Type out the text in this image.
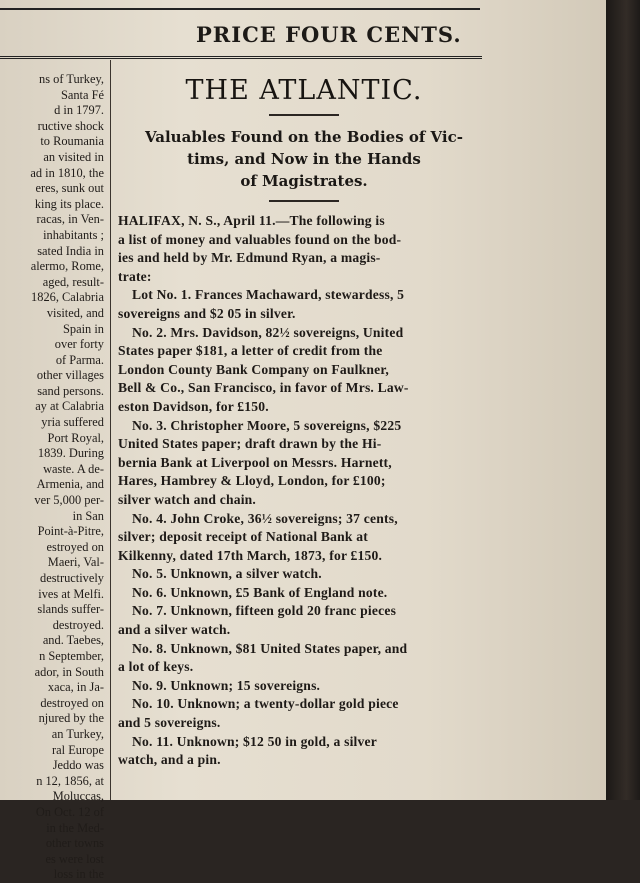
PRICE FOUR CENTS.
ns of Turkey,
Santa Fé
d in 1797.
ructive shock
to Roumania
an visited in
ad in 1810, the
eres, sunk out
king its place.
racas, in Ven-
inhabitants ;
sated India in
alermo, Rome,
aged, result-
1826, Calabria
visited, and
Spain in
over forty
of Parma.
other villages
sand persons.
ay at Calabria
yria suffered
Port Royal,
1839. During
waste. A de-
Armenia, and
ver 5,000 per-
in San
Point-à-Pitre,
estroyed on
Maeri, Val-
destructively
ives at Melfi.
slands suffer-
destroyed.
and. Taebes,
n September,
ador, in South
xaca, in Ja-
destroyed on
njured by the
an Turkey,
ral Europe
Jeddo was
n 12, 1856, at
Moluccas,
On Oct. 12 of
in the Med-
other towns
es were lost
loss in the
THE ATLANTIC.
Valuables Found on the Bodies of Vic-
tims, and Now in the Hands
of Magistrates.
HALIFAX, N. S., April 11.—The following is
a list of money and valuables found on the bod-
ies and held by Mr. Edmund Ryan, a magis-
trate:
Lot No. 1. Frances Machaward, stewardess, 5
sovereigns and $2 05 in silver.
No. 2. Mrs. Davidson, 82½ sovereigns, United
States paper $181, a letter of credit from the
London County Bank Company on Faulkner,
Bell & Co., San Francisco, in favor of Mrs. Law-
eston Davidson, for £150.
No. 3. Christopher Moore, 5 sovereigns, $225
United States paper; draft drawn by the Hi-
bernia Bank at Liverpool on Messrs. Harnett,
Hares, Hambrey & Lloyd, London, for £100;
silver watch and chain.
No. 4. John Croke, 36½ sovereigns; 37 cents,
silver; deposit receipt of National Bank at
Kilkenny, dated 17th March, 1873, for £150.
No. 5. Unknown, a silver watch.
No. 6. Unknown, £5 Bank of England note.
No. 7. Unknown, fifteen gold 20 franc pieces
and a silver watch.
No. 8. Unknown, $81 United States paper, and
a lot of keys.
No. 9. Unknown; 15 sovereigns.
No. 10. Unknown; a twenty-dollar gold piece
and 5 sovereigns.
No. 11. Unknown; $12 50 in gold, a silver
watch, and a pin.
